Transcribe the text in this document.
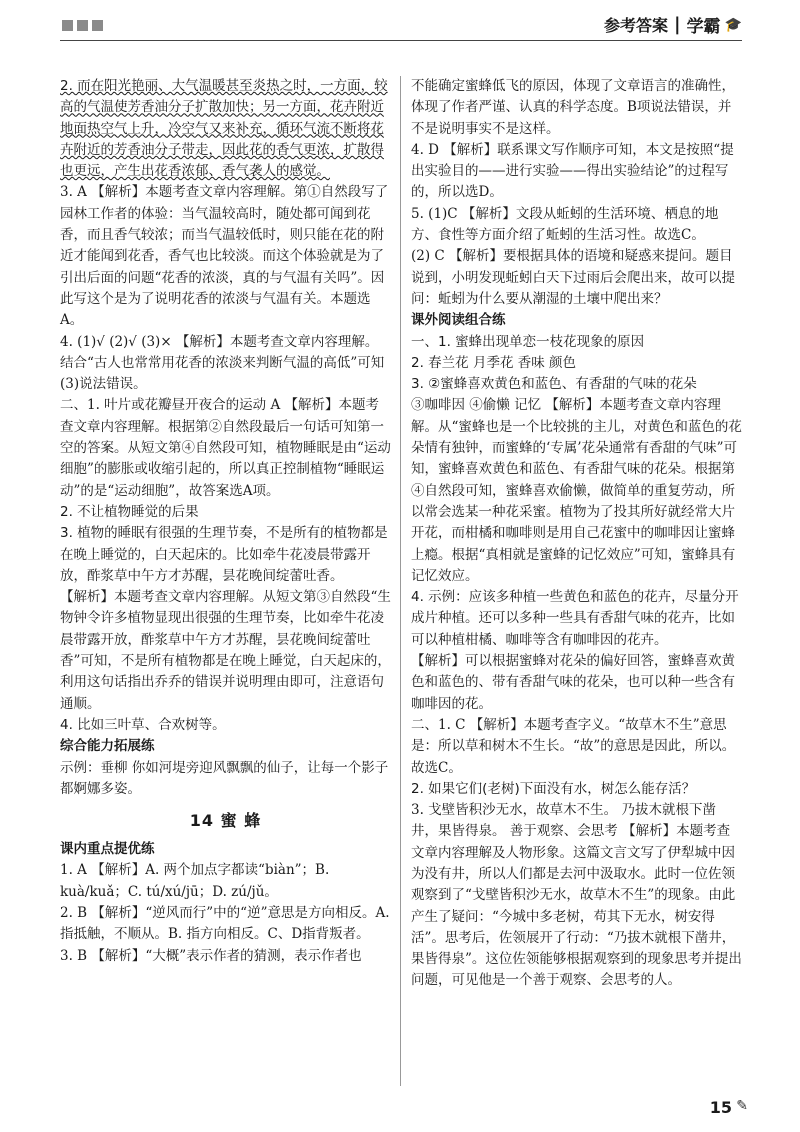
参考答案 | 学霸 🎓

2. 而在阳光艳丽、大气温暖甚至炎热之时，一方面，较高的气温使芳香油分子扩散加快；另一方面，花卉附近地面热空气上升，冷空气又来补充，循环气流不断将花卉附近的芳香油分子带走，因此花的香气更浓，扩散得也更远，产生出花香浓郁、香气袭人的感觉。

3. A 【解析】本题考查文章内容理解。第①自然段写了园林工作者的体验：当气温较高时，随处都可闻到花香，而且香气较浓；而当气温较低时，则只能在花的附近才能闻到花香，香气也比较淡。而这个体验就是为了引出后面的问题“花香的浓淡，真的与气温有关吗”。因此写这个是为了说明花香的浓淡与气温有关。本题选A。

4. (1)√ (2)√ (3)× 【解析】本题考查文章内容理解。结合“古人也常常用花香的浓淡来判断气温的高低”可知(3)说法错误。

二、1. 叶片或花瓣昼开夜合的运动 A 【解析】本题考查文章内容理解。根据第②自然段最后一句话可知第一空的答案。从短文第④自然段可知，植物睡眠是由“运动细胞”的膨胀或收缩引起的，所以真正控制植物“睡眠运动”的是“运动细胞”，故答案选A项。

2. 不让植物睡觉的后果

3. 植物的睡眠有很强的生理节奏，不是所有的植物都是在晚上睡觉的，白天起床的。比如牵牛花凌晨带露开放，酢浆草中午方才苏醒，昙花晚间绽蕾吐香。

【解析】本题考查文章内容理解。从短文第③自然段“生物钟令许多植物显现出很强的生理节奏，比如牵牛花凌晨带露开放，酢浆草中午方才苏醒，昙花晚间绽蕾吐香”可知，不是所有植物都是在晚上睡觉，白天起床的，利用这句话指出乔乔的错误并说明理由即可，注意语句通顺。

4. 比如三叶草、合欢树等。

综合能力拓展练

示例：垂柳 你如河堤旁迎风飘飘的仙子，让每一个影子都婀娜多姿。

14 蜜 蜂

课内重点提优练

1. A 【解析】A. 两个加点字都读“biàn”；B. kuà/kuǎ；C. tú/xú/jū；D. zú/jǔ。

2. B 【解析】“逆风而行”中的“逆”意思是方向相反。A. 指抵触，不顺从。B. 指方向相反。C、D指背叛者。

3. B 【解析】“大概”表示作者的猜测，表示作者也

不能确定蜜蜂低飞的原因，体现了文章语言的准确性，体现了作者严谨、认真的科学态度。B项说法错误，并不是说明事实不是这样。

4. D 【解析】联系课文写作顺序可知，本文是按照“提出实验目的——进行实验——得出实验结论”的过程写的，所以选D。

5. (1)C 【解析】文段从蚯蚓的生活环境、栖息的地方、食性等方面介绍了蚯蚓的生活习性。故选C。

(2) C 【解析】要根据具体的语境和疑惑来提问。题目说到，小明发现蚯蚓白天下过雨后会爬出来，故可以提问：蚯蚓为什么要从潮湿的土壤中爬出来？

课外阅读组合练

一、1. 蜜蜂出现单恋一枝花现象的原因

2. 春兰花 月季花 香味 颜色

3. ②蜜蜂喜欢黄色和蓝色、有香甜的气味的花朵

③咖啡因 ④偷懒 记忆 【解析】本题考查文章内容理解。从“蜜蜂也是一个比较挑的主儿，对黄色和蓝色的花朵情有独钟，而蜜蜂的‘专属’花朵通常有香甜的气味”可知，蜜蜂喜欢黄色和蓝色、有香甜气味的花朵。根据第④自然段可知，蜜蜂喜欢偷懒，做简单的重复劳动，所以常会选某一种花采蜜。植物为了投其所好就经常大片开花，而柑橘和咖啡则是用自己花蜜中的咖啡因让蜜蜂上瘾。根据“真相就是蜜蜂的记忆效应”可知，蜜蜂具有记忆效应。

4. 示例：应该多种植一些黄色和蓝色的花卉，尽量分开成片种植。还可以多种一些具有香甜气味的花卉，比如可以种植柑橘、咖啡等含有咖啡因的花卉。

【解析】可以根据蜜蜂对花朵的偏好回答，蜜蜂喜欢黄色和蓝色的、带有香甜气味的花朵，也可以种一些含有咖啡因的花。

二、1. C 【解析】本题考查字义。“故草木不生”意思是：所以草和树木不生长。“故”的意思是因此，所以。故选C。

2. 如果它们(老树)下面没有水，树怎么能存活？

3. 戈壁皆积沙无水，故草木不生。 乃拔木就根下凿井，果皆得泉。 善于观察、会思考 【解析】本题考查文章内容理解及人物形象。这篇文言文写了伊犁城中因为没有井，所以人们都是去河中汲取水。此时一位佐领观察到了“戈壁皆积沙无水，故草木不生”的现象。由此产生了疑问：“今城中多老树，苟其下无水，树安得活”。思考后，佐领展开了行动：“乃拔木就根下凿井，果皆得泉”。这位佐领能够根据观察到的现象思考并提出问题，可见他是一个善于观察、会思考的人。

15 ✎
